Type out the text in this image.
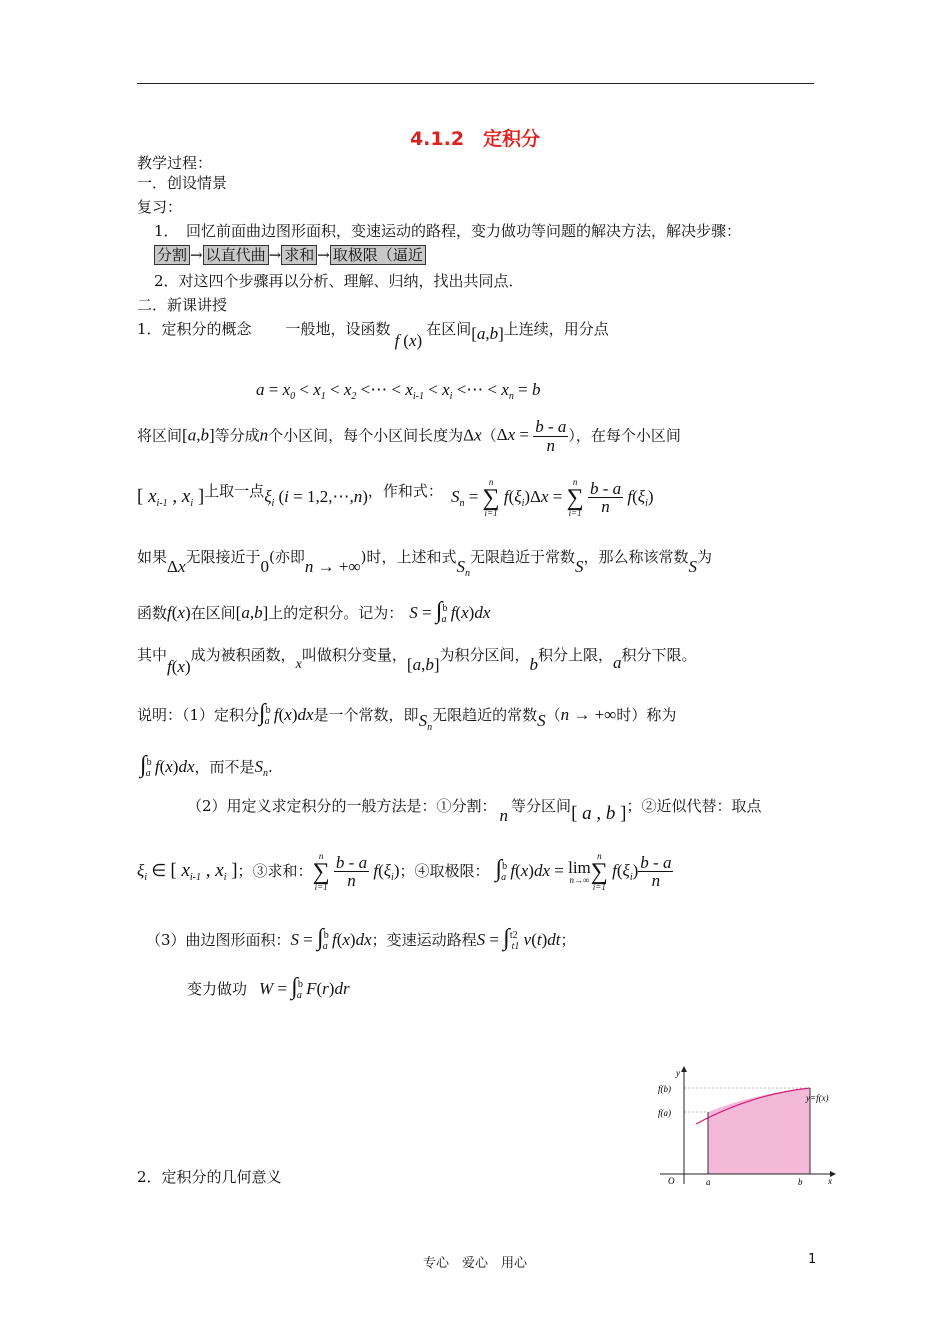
4.1.2　定积分
教学过程：
一．创设情景
复习：
1．　回忆前面曲边图形面积，变速运动的路程，变力做功等问题的解决方法，解决步骤：
分割 → 以直代曲 → 求和 → 取极限（逼近
2．对这四个步骤再以分析、理解、归纳，找出共同点．
二．新课讲授
1．定积分的概念 一般地，设函数f (x)在区间[a,b]上连续，用分点
$a = x_0 < x_1 < x_2$ <⋯ < $x_{i-1} < x_i$ <⋯ < $x_n = b$
将区间[a,b]等分成n个小区间，每个小区间长度为$\Delta x(\Delta x = \frac{b - a}{n}$ ），在每个小区间
[ $x_{i-1}$ , $x_i$ ]上取一点$\xi_i$ (i = 1,2,⋯,n)，作和式： $S_n$ =
n
∑
i=1
$f(\xi_i)\Delta x$ =
n
∑
i=1
$\frac{b - a}{n} f(\xi_i)$
如果Δx无限接近于0(亦即n → +∞)时，上述和式$S_n$无限趋近于常数S，那么称该常数S为
函数f(x)在区间[a,b]上的定积分。记为： S = ∫$^b_a$ f(x)dx
其中f(x)成为被积函数，x叫做积分变量，[a,b]为积分区间，b积分上限，a积分下限。
说明：（1）定积分∫$^b_a$ f(x)dx是一个常数，即$S_n$无限趋近的常数S（n → +∞时）称为
∫$^b_a$ f(x)dx，而不是$S_n$.
（2）用定义求定积分的一般方法是：①分割： n 等分区间[ a , b ]；②近似代替：取点
$\xi_i$ ∈ [ $x_{i-1}$ , $x_i$ ]；③求和：
n
∑
i=1
$\frac{b - a}{n} f(\xi_i)$；④取极限： ∫$^b_a$ f(x)dx = lim
n→∞
n
∑
i=1
$f(\xi_i) \frac{b - a}{n}$
（3）曲边图形面积：S = ∫$^b_a$ f(x)dx；变速运动路程S = ∫$^{t2}_{t1}$ v(t)dt；
变力做功 W = ∫$^b_a$ F(r)dr
2．定积分的几何意义
y
x
O
f(b)
f(a)
a	b
y=f(x)
专心　爱心　用心	1
